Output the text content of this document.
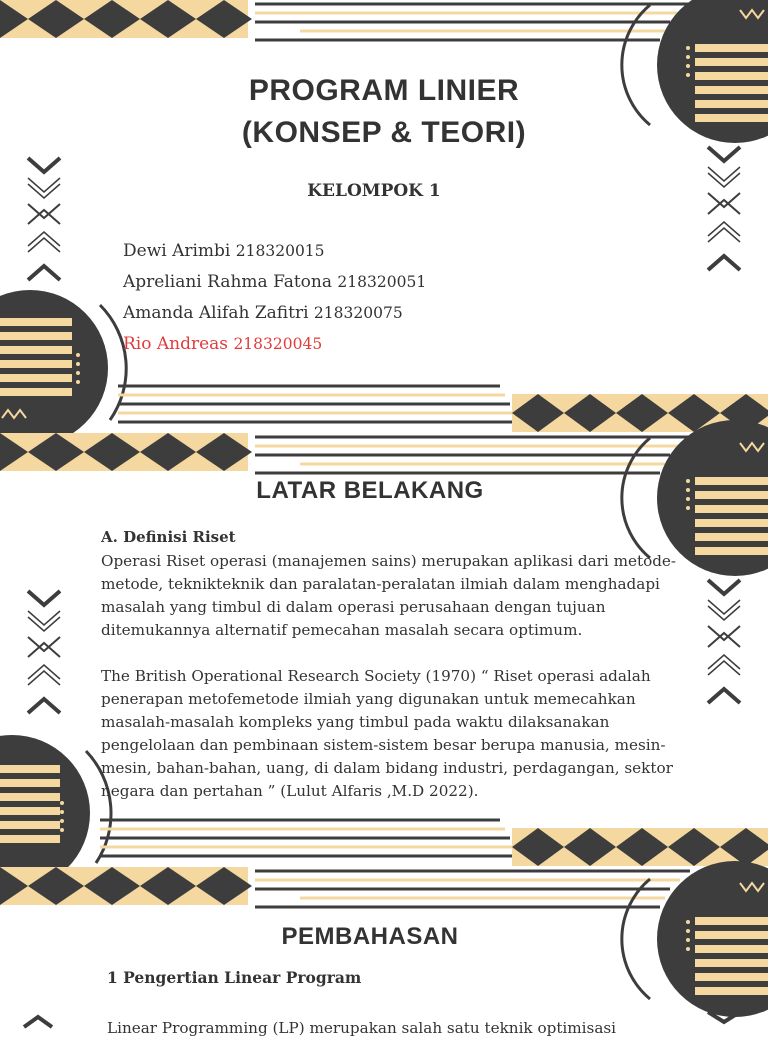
PROGRAM LINIER
(KONSEP & TEORI)
KELOMPOK 1
Dewi Arimbi 218320015
Apreliani Rahma Fatona 218320051
Amanda Alifah Zafitri 218320075
Rio Andreas 218320045
LATAR BELAKANG
A. Definisi Riset
Operasi Riset operasi (manajemen sains) merupakan aplikasi dari metode-
metode, teknikteknik dan paralatan-peralatan ilmiah dalam menghadapi
masalah yang timbul di dalam operasi perusahaan dengan tujuan
ditemukannya alternatif pemecahan masalah secara optimum.
The British Operational Research Society (1970) “ Riset operasi adalah
penerapan metofemetode ilmiah yang digunakan untuk memecahkan
masalah-masalah kompleks yang timbul pada waktu dilaksanakan
pengelolaan dan pembinaan sistem-sistem besar berupa manusia, mesin-
mesin, bahan-bahan, uang, di dalam bidang industri, perdagangan, sektor
negara dan pertahan ” (Lulut Alfaris ,M.D 2022).
PEMBAHASAN
1 Pengertian Linear Program
Linear Programming (LP) merupakan salah satu teknik optimisasi
